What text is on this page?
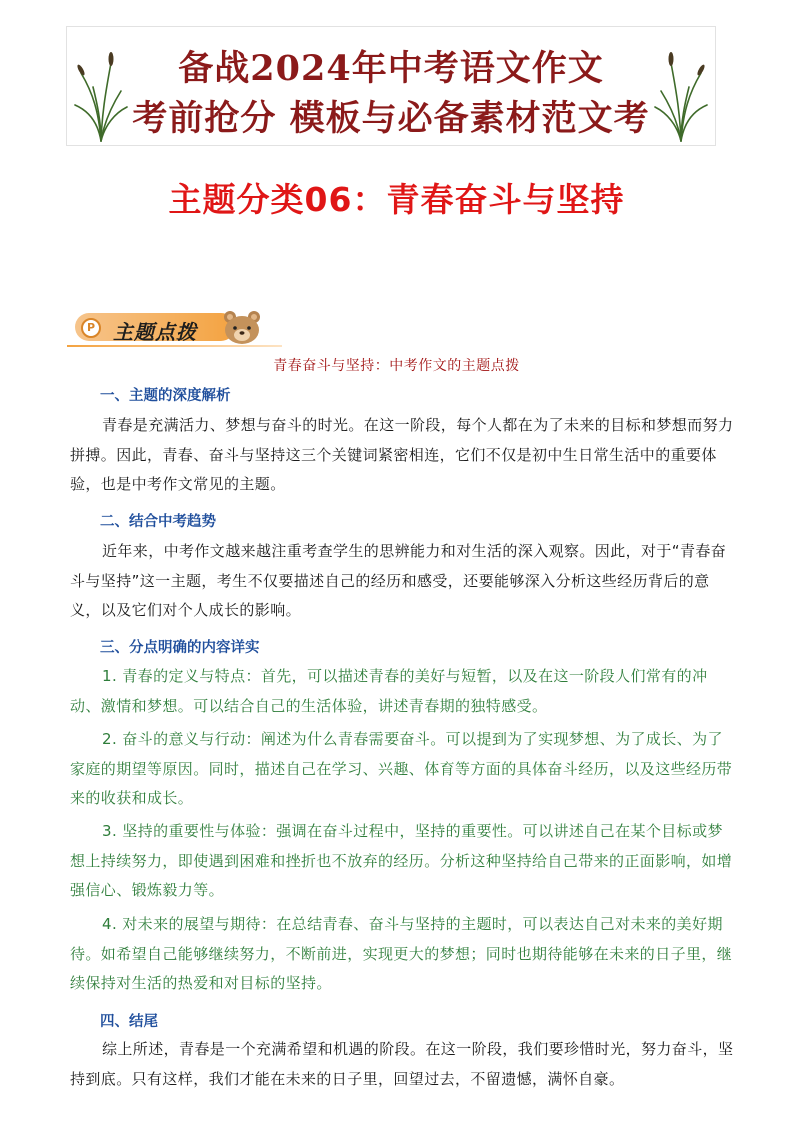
备战2024年中考语文作文
考前抢分 模板与必备素材范文考
主题分类06：青春奋斗与坚持
P 主题点拨
青春奋斗与坚持：中考作文的主题点拨
一、主题的深度解析
青春是充满活力、梦想与奋斗的时光。在这一阶段，每个人都在为了未来的目标和梦想而努力拼搏。因此，青春、奋斗与坚持这三个关键词紧密相连，它们不仅是初中生日常生活中的重要体验，也是中考作文常见的主题。
二、结合中考趋势
近年来，中考作文越来越注重考查学生的思辨能力和对生活的深入观察。因此，对于“青春奋斗与坚持”这一主题，考生不仅要描述自己的经历和感受，还要能够深入分析这些经历背后的意义，以及它们对个人成长的影响。
三、分点明确的内容详实
1. 青春的定义与特点：首先，可以描述青春的美好与短暂，以及在这一阶段人们常有的冲动、激情和梦想。可以结合自己的生活体验，讲述青春期的独特感受。
2. 奋斗的意义与行动：阐述为什么青春需要奋斗。可以提到为了实现梦想、为了成长、为了家庭的期望等原因。同时，描述自己在学习、兴趣、体育等方面的具体奋斗经历，以及这些经历带来的收获和成长。
3. 坚持的重要性与体验：强调在奋斗过程中，坚持的重要性。可以讲述自己在某个目标或梦想上持续努力，即使遇到困难和挫折也不放弃的经历。分析这种坚持给自己带来的正面影响，如增强信心、锻炼毅力等。
4. 对未来的展望与期待：在总结青春、奋斗与坚持的主题时，可以表达自己对未来的美好期待。如希望自己能够继续努力，不断前进，实现更大的梦想；同时也期待能够在未来的日子里，继续保持对生活的热爱和对目标的坚持。
四、结尾
综上所述，青春是一个充满希望和机遇的阶段。在这一阶段，我们要珍惜时光，努力奋斗，坚持到底。只有这样，我们才能在未来的日子里，回望过去，不留遗憾，满怀自豪。
